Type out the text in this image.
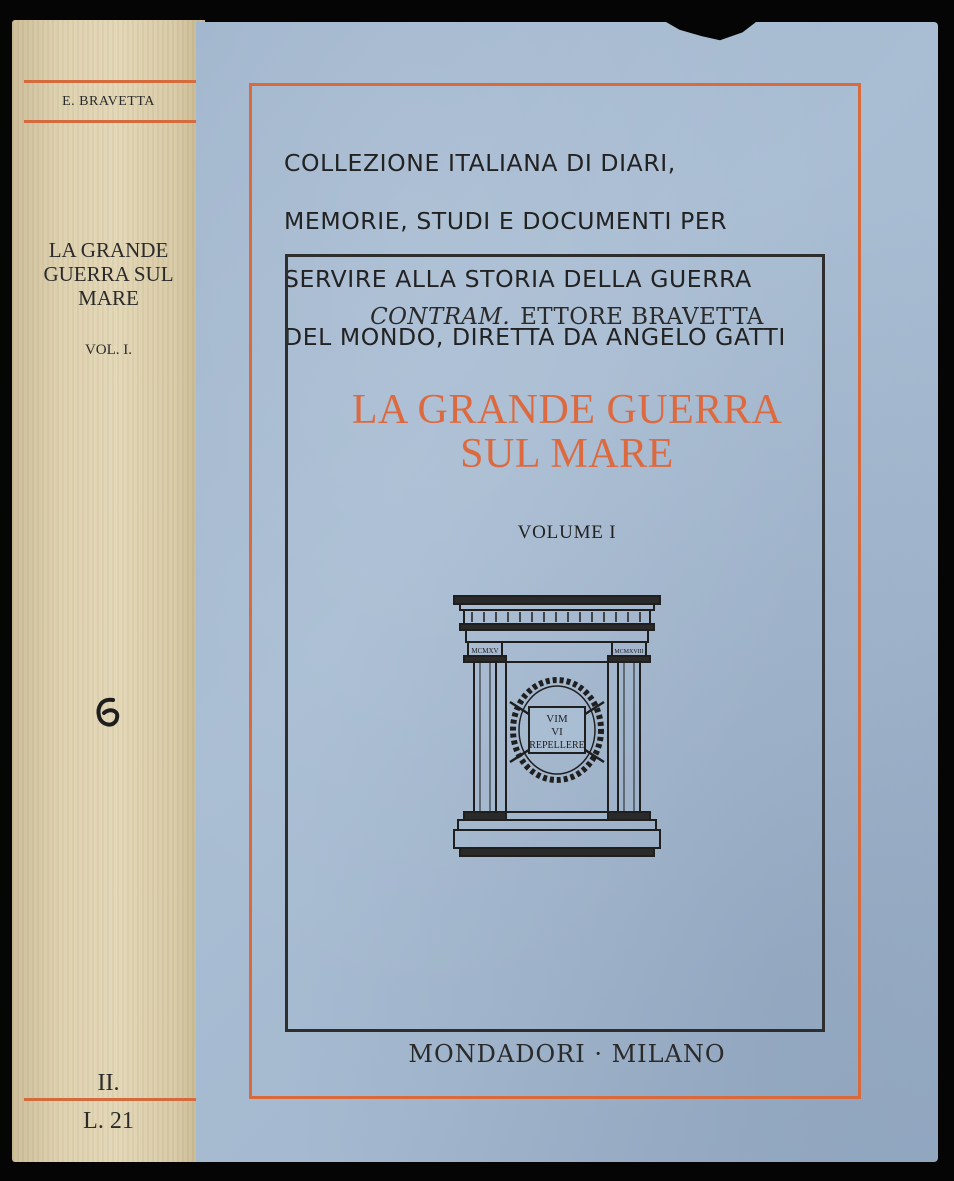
E. BRAVETTA
LA GRANDE
GUERRA SUL
MARE
VOL. I.
II.
L. 21

COLLEZIONE ITALIANA DI DIARI,

MEMORIE, STUDI E DOCUMENTI PER

SERVIRE ALLA STORIA DELLA GUERRA

DEL MONDO, DIRETTA DA ANGELO GATTI

CONTRAM. ETTORE BRAVETTA
LA GRANDE GUERRA
SUL MARE
VOLUME I
VIM
VI
REPELLERE
MCMXV	MCMXVIII
MONDADORI · MILANO
